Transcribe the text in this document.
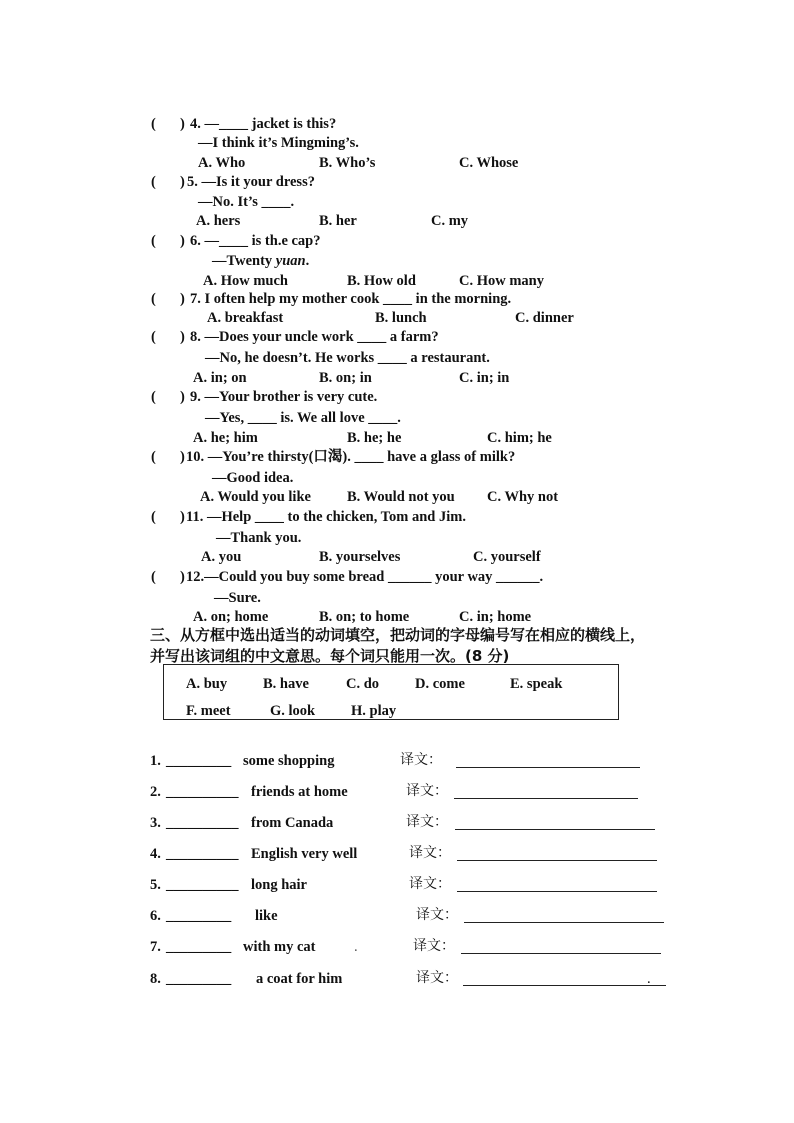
( ) 4. —____ jacket is this?
—I think it’s Mingming’s.
A. Who	B. Who’s	C. Whose
( ) 5. —Is it your dress?
—No. It’s ____.
A. hers	B. her	C. my
( ) 6. —____ is th.e cap?
—Twenty yuan.
A. How much	B. How old	C. How many
( ) 7. I often help my mother cook ____ in the morning.
A. breakfast	B. lunch	C. dinner
( ) 8. —Does your uncle work ____ a farm?
—No, he doesn’t. He works ____ a restaurant.
A. in; on	B. on; in	C. in; in
( ) 9. —Your brother is very cute.
—Yes, ____ is. We all love ____.
A. he; him	B. he; he	C. him; he
( ) 10. —You’re thirsty(口渴). ____ have a glass of milk?
—Good idea.
A. Would you like B. Would not you C. Why not
( ) 11. —Help ____ to the chicken, Tom and Jim.
—Thank you.
A. you	B. yourselves	C. yourself
( ) 12.—Could you buy some bread ______ your way ______.
—Sure.
A. on; home	B. on; to home	C. in; home
三、从方框中选出适当的动词填空，把动词的字母编号写在相应的横线上，
并写出该词组的中文意思。每个词只能用一次。(8 分)
A. buy B. have	C. do D. come	E. speak
F. meet	G. look H. play
1. _________ some shopping	译文：
2. __________ friends at home	译文：
3. __________ from Canada	译文：
4. __________ English very well	译文：
5. __________ long hair	译文：
6. _________ like	译文：
7. _________ with my cat	.	译文：
8. _________ a coat for him	译文：	.
